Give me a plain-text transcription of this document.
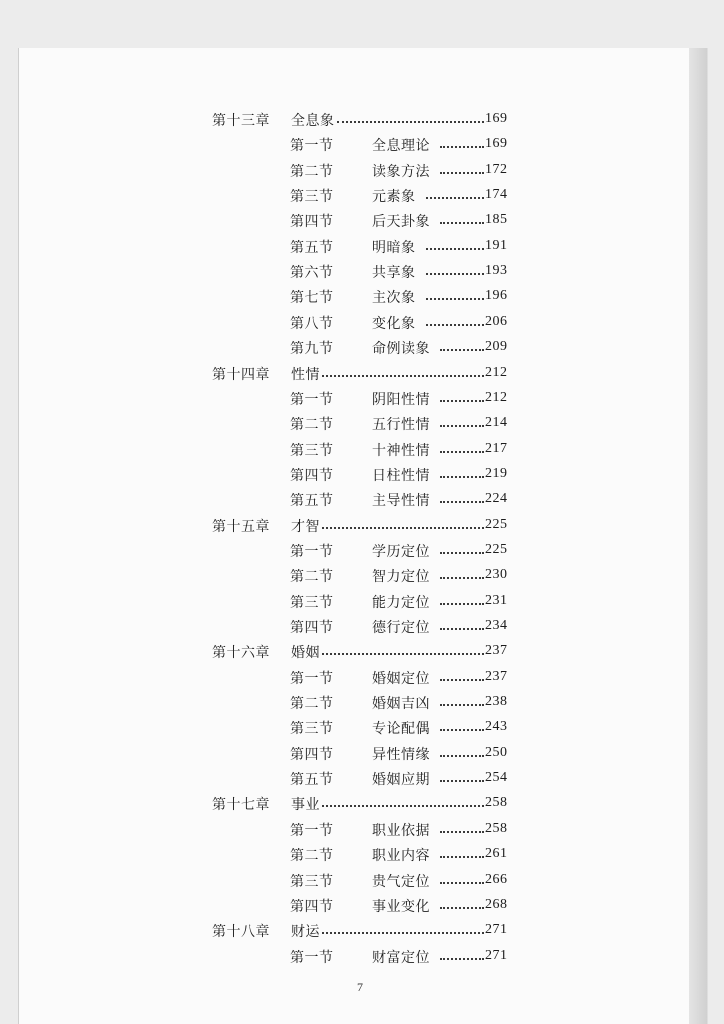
第十三章 全息象	169
第一节	全息理论	169
第二节	读象方法	172
第三节	元素象	174
第四节	后天卦象	185
第五节	明暗象	191
第六节	共享象	193
第七节	主次象	196
第八节	变化象	206
第九节	命例读象	209
第十四章 性情	212
第一节	阴阳性情	212
第二节	五行性情	214
第三节	十神性情	217
第四节	日柱性情	219
第五节	主导性情	224
第十五章 才智	225
第一节	学历定位	225
第二节	智力定位	230
第三节	能力定位	231
第四节	德行定位	234
第十六章 婚姻	237
第一节	婚姻定位	237
第二节	婚姻吉凶	238
第三节	专论配偶	243
第四节	异性情缘	250
第五节	婚姻应期	254
第十七章 事业	258
第一节	职业依据	258
第二节	职业内容	261
第三节	贵气定位	266
第四节	事业变化	268
第十八章 财运	271
第一节	财富定位	271
7
